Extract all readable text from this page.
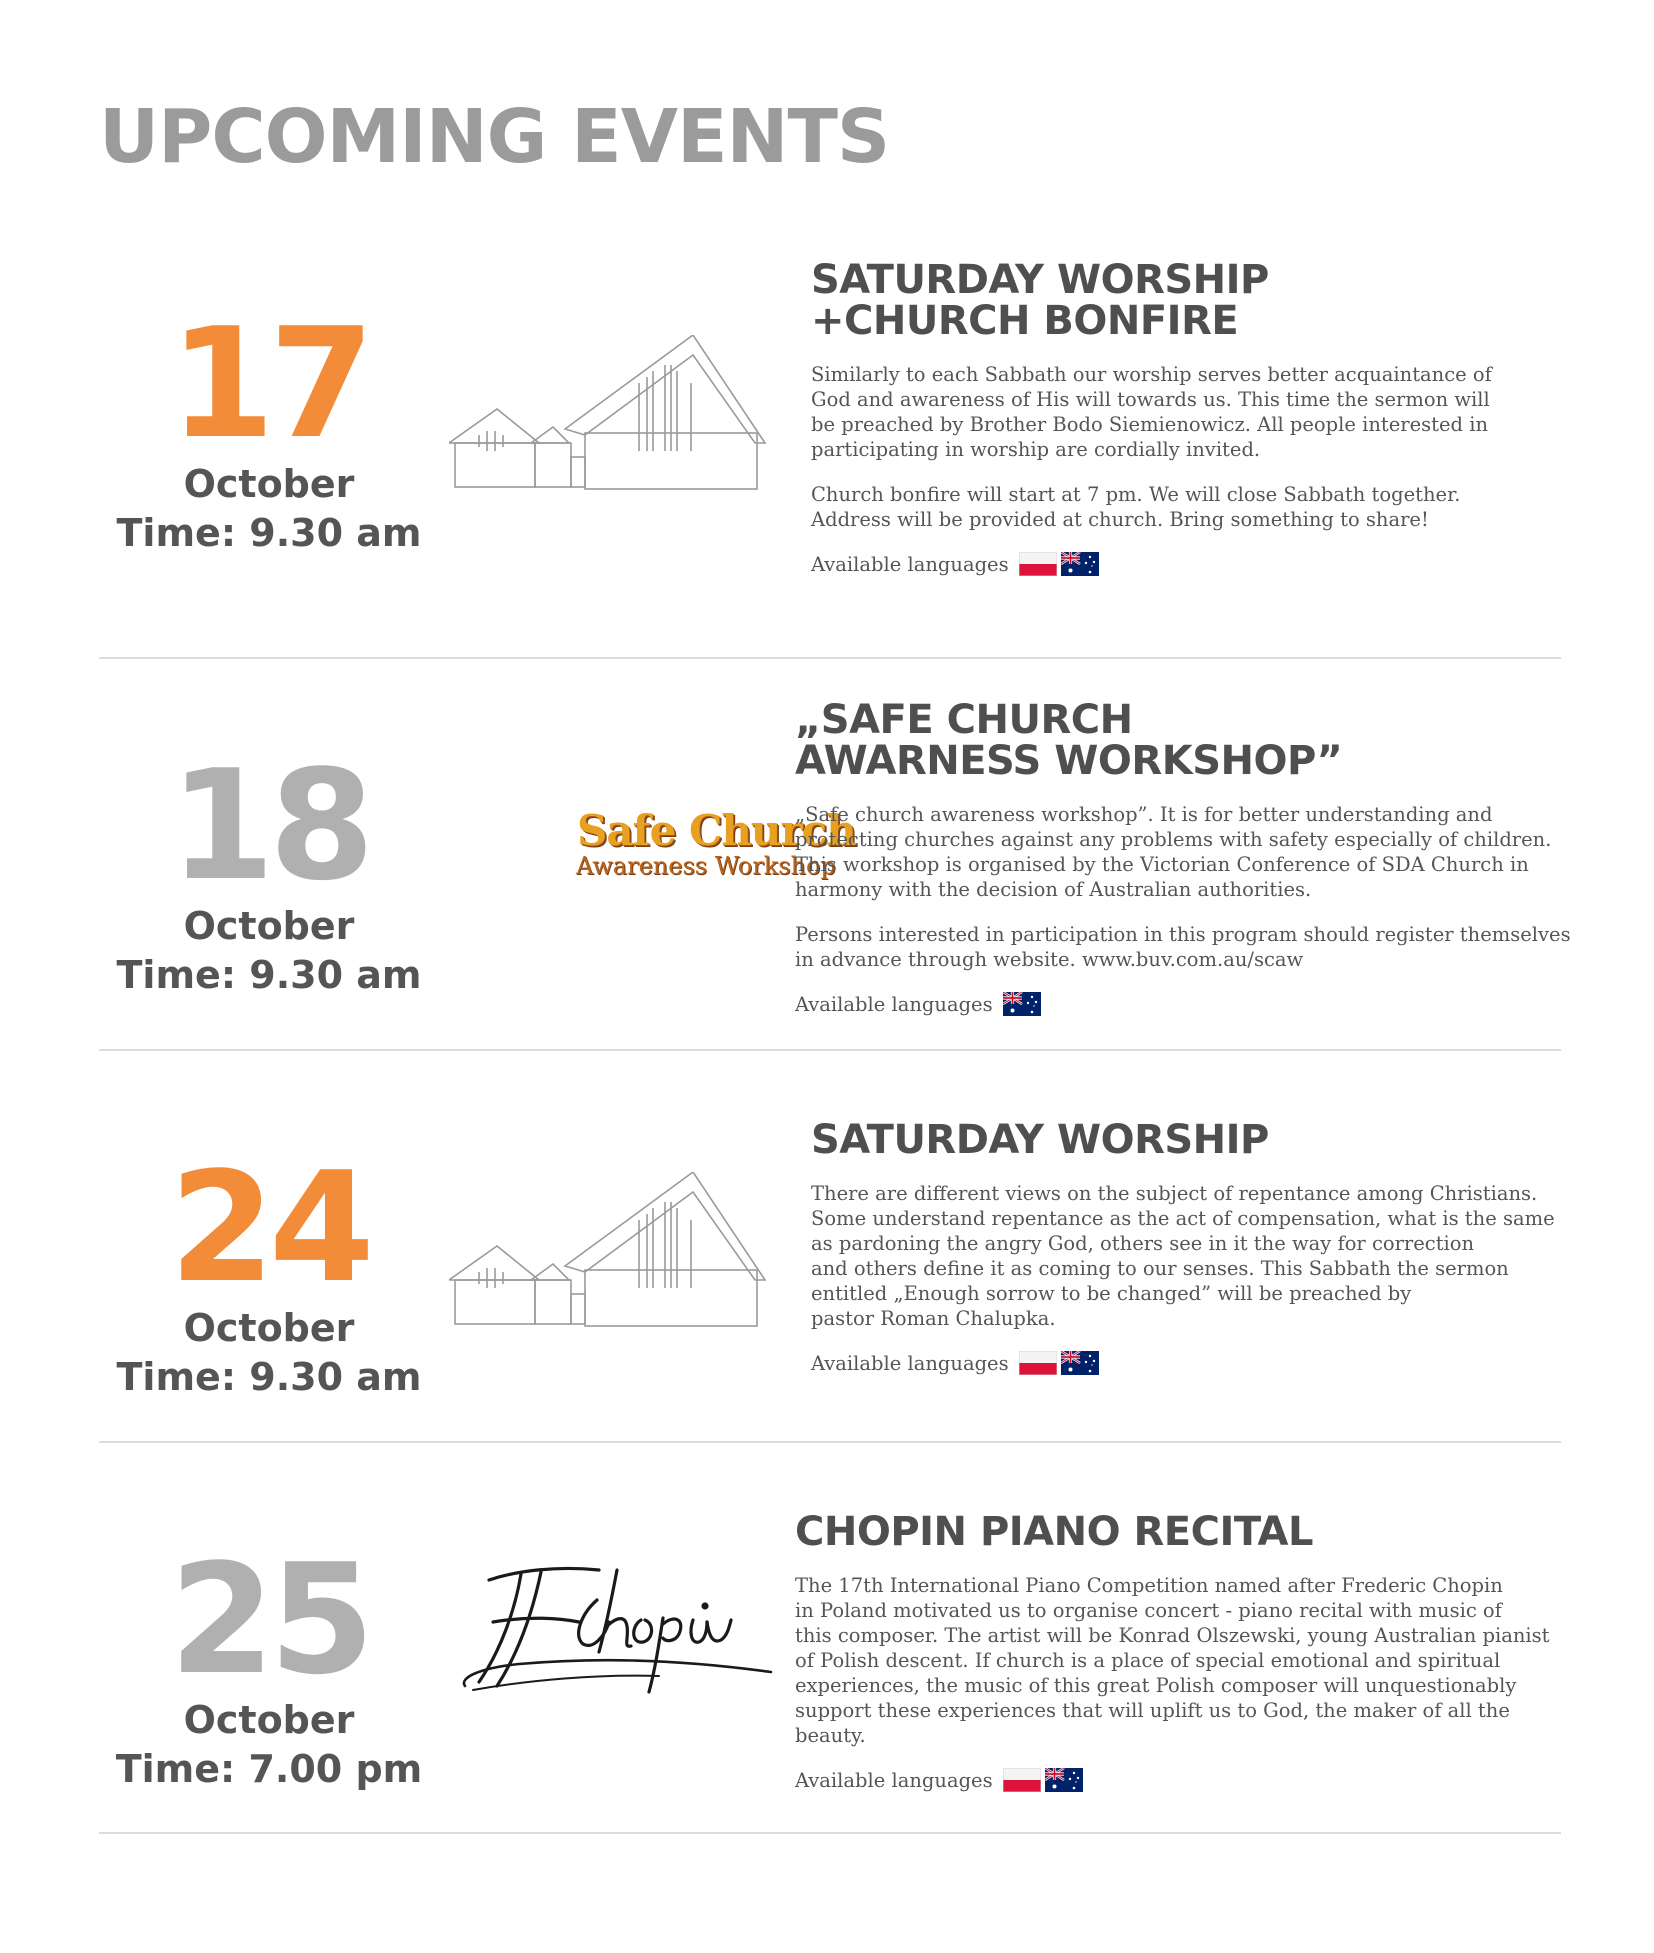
UPCOMING EVENTS
17
October
Time: 9.30 am
SATURDAY WORSHIP
+CHURCH BONFIRE

Similarly to each Sabbath our worship serves better acquaintance of
God and awareness of His will towards us. This time the sermon will
be preached by Brother Bodo Siemienowicz. All people interested in
participating in worship are cordially invited.

Church bonfire will start at 7 pm. We will close Sabbath together.
Address will be provided at church. Bring something to share!

Available languages
18
October
Time: 9.30 am
Safe Church
Awareness Workshop
„SAFE CHURCH
AWARNESS WORKSHOP”

„Safe church awareness workshop”. It is for better understanding and
protecting churches against any problems with safety especially of children.
This workshop is organised by the Victorian Conference of SDA Church in
harmony with the decision of Australian authorities.

Persons interested in participation in this program should register themselves
in advance through website. www.buv.com.au/scaw

Available languages
24
October
Time: 9.30 am
SATURDAY WORSHIP

There are different views on the subject of repentance among Christians.
Some understand repentance as the act of compensation, what is the same
as pardoning the angry God, others see in it the way for correction
and others define it as coming to our senses. This Sabbath the sermon
entitled „Enough sorrow to be changed” will be preached by
pastor Roman Chalupka.

Available languages
25
October
Time: 7.00 pm
CHOPIN PIANO RECITAL

The 17th International Piano Competition named after Frederic Chopin
in Poland motivated us to organise concert - piano recital with music of
this composer. The artist will be Konrad Olszewski, young Australian pianist
of Polish descent. If church is a place of special emotional and spiritual
experiences, the music of this great Polish composer will unquestionably
support these experiences that will uplift us to God, the maker of all the beauty.

Available languages
